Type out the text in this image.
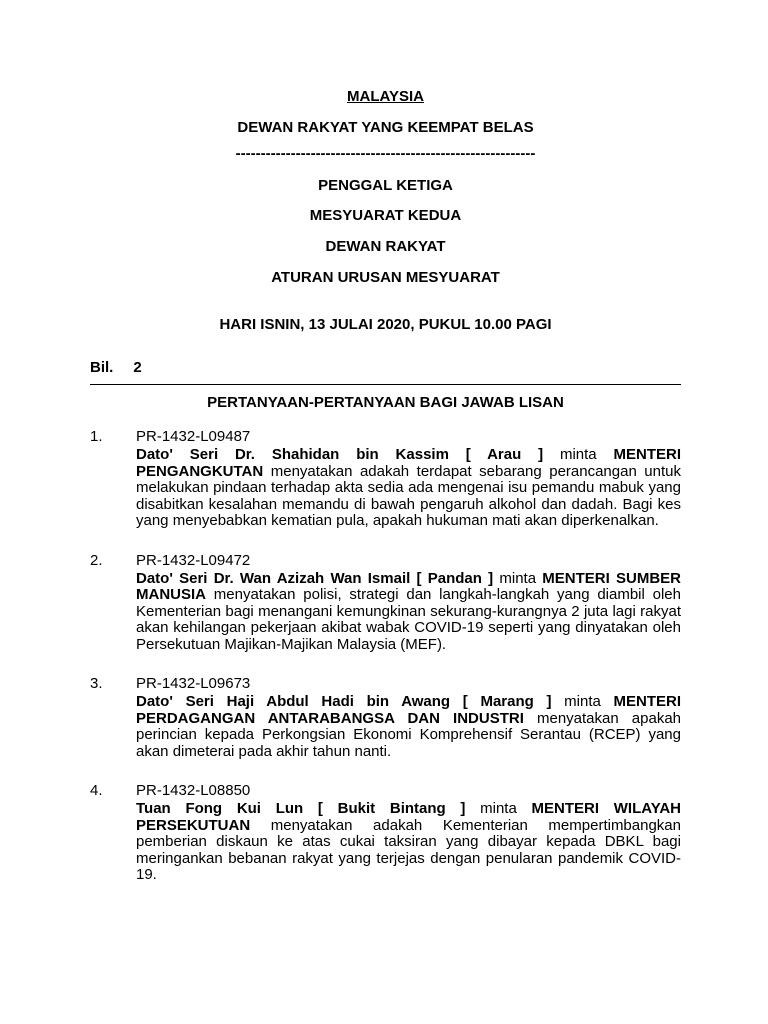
MALAYSIA
DEWAN RAKYAT YANG KEEMPAT BELAS
------------------------------------------------------------
PENGGAL KETIGA
MESYUARAT KEDUA
DEWAN RAKYAT
ATURAN URUSAN MESYUARAT
HARI ISNIN, 13 JULAI 2020, PUKUL 10.00 PAGI
Bil. 2
PERTANYAAN-PERTANYAAN BAGI JAWAB LISAN
1.	PR-1432-L09487
Dato' Seri Dr. Shahidan bin Kassim [ Arau ] minta MENTERI PENGANGKUTAN menyatakan adakah terdapat sebarang perancangan untuk melakukan pindaan terhadap akta sedia ada mengenai isu pemandu mabuk yang disabitkan kesalahan memandu di bawah pengaruh alkohol dan dadah. Bagi kes yang menyebabkan kematian pula, apakah hukuman mati akan diperkenalkan.
2.	PR-1432-L09472
Dato' Seri Dr. Wan Azizah Wan Ismail [ Pandan ] minta MENTERI SUMBER MANUSIA menyatakan polisi, strategi dan langkah-langkah yang diambil oleh Kementerian bagi menangani kemungkinan sekurang-kurangnya 2 juta lagi rakyat akan kehilangan pekerjaan akibat wabak COVID-19 seperti yang dinyatakan oleh Persekutuan Majikan-Majikan Malaysia (MEF).
3.	PR-1432-L09673
Dato' Seri Haji Abdul Hadi bin Awang [ Marang ] minta MENTERI PERDAGANGAN ANTARABANGSA DAN INDUSTRI menyatakan apakah perincian kepada Perkongsian Ekonomi Komprehensif Serantau (RCEP) yang akan dimeterai pada akhir tahun nanti.
4.	PR-1432-L08850
Tuan Fong Kui Lun [ Bukit Bintang ] minta MENTERI WILAYAH PERSEKUTUAN menyatakan adakah Kementerian mempertimbangkan pemberian diskaun ke atas cukai taksiran yang dibayar kepada DBKL bagi meringankan bebanan rakyat yang terjejas dengan penularan pandemik COVID-19.
